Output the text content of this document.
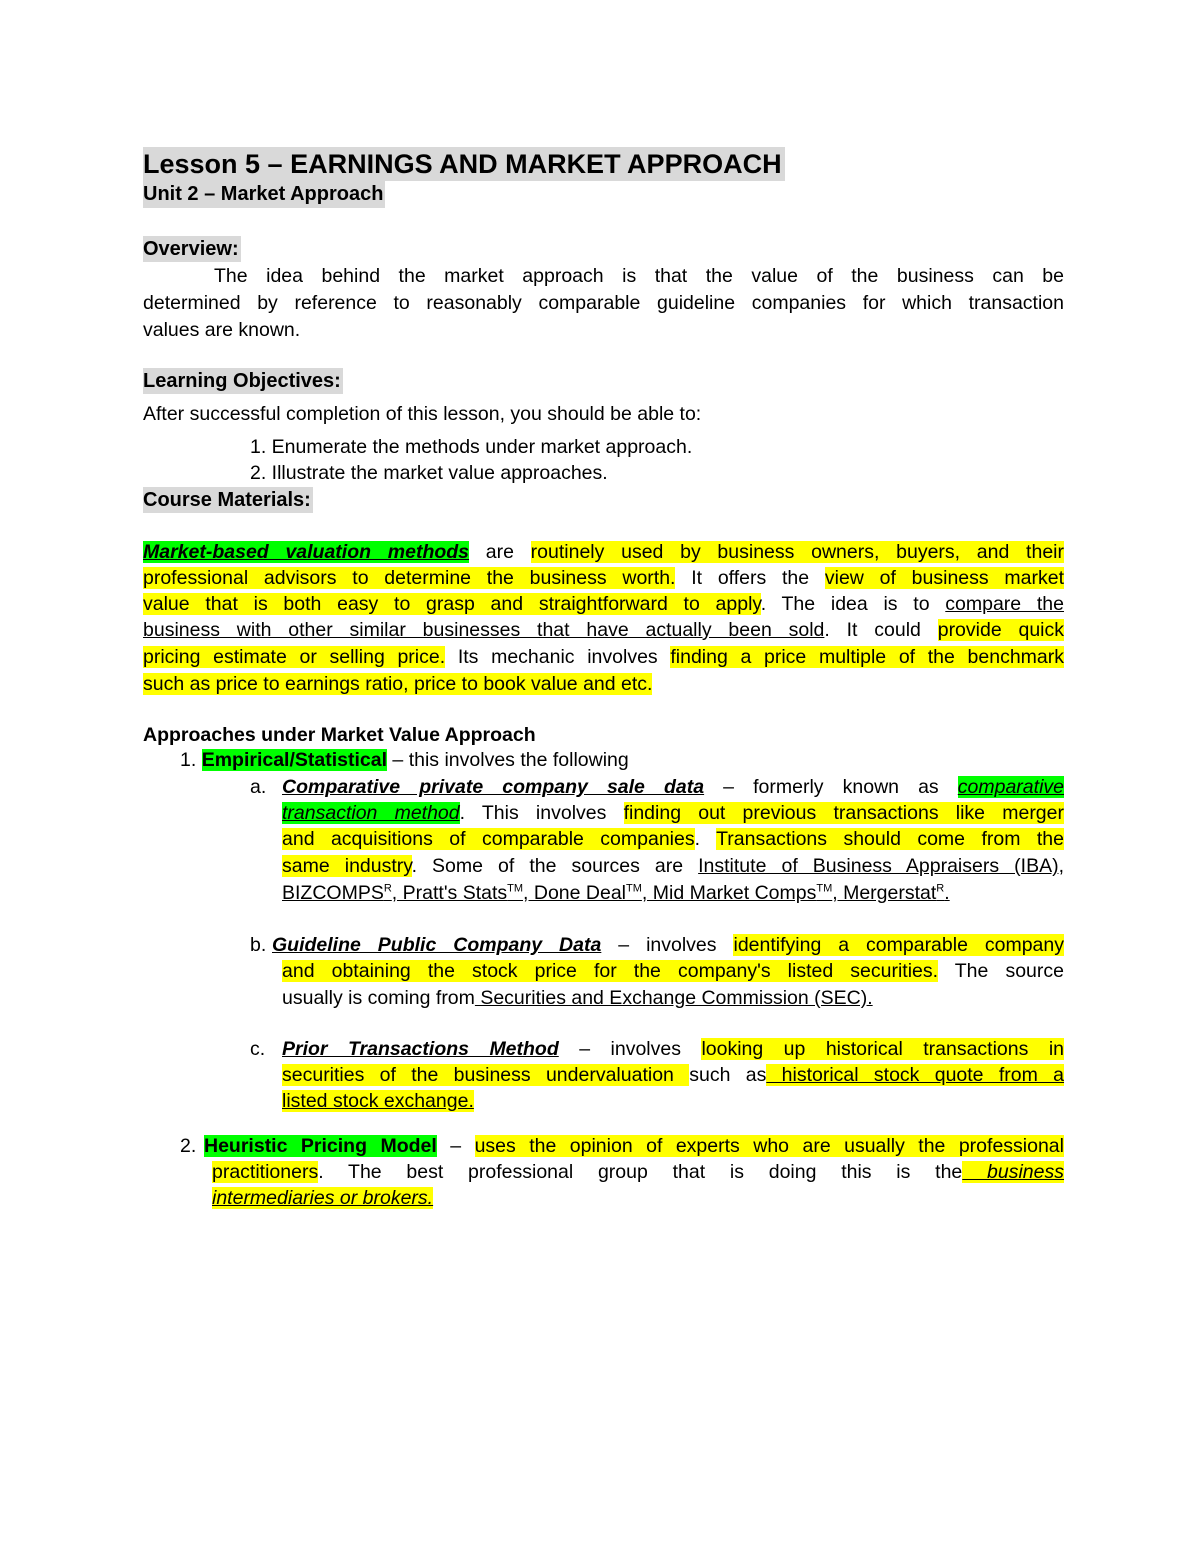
Lesson 5 – EARNINGS AND MARKET APPROACH
Unit 2 – Market Approach
Overview:
The idea behind the market approach is that the value of the business can be
determined by reference to reasonably comparable guideline companies for which transaction
values are known.
Learning Objectives:
After successful completion of this lesson, you should be able to:
1. Enumerate the methods under market approach.
2. Illustrate the market value approaches.
Course Materials:
Market-based valuation methods are routinely used by business owners, buyers, and their
professional advisors to determine the business worth. It offers the view of business market
value that is both easy to grasp and straightforward to apply. The idea is to compare the
business with other similar businesses that have actually been sold. It could provide quick
pricing estimate or selling price. Its mechanic involves finding a price multiple of the benchmark
such as price to earnings ratio, price to book value and etc.
Approaches under Market Value Approach
1. Empirical/Statistical – this involves the following
a. Comparative private company sale data – formerly known as comparative
transaction method. This involves finding out previous transactions like merger
and acquisitions of comparable companies. Transactions should come from the
same industry. Some of the sources are Institute of Business Appraisers (IBA),
$BIZCOMPS^R$, Pratt's Stats™, Done Deal™, Mid Market Comps™, Mergerstat$^R$.
b. Guideline Public Company Data – involves identifying a comparable company
and obtaining the stock price for the company's listed securities. The source
usually is coming from Securities and Exchange Commission (SEC).
c. Prior Transactions Method – involves looking up historical transactions in
securities of the business undervaluation such as historical stock quote from a
listed stock exchange.
2. Heuristic Pricing Model – uses the opinion of experts who are usually the professional
practitioners. The best professional group that is doing this is the business
intermediaries or brokers.
